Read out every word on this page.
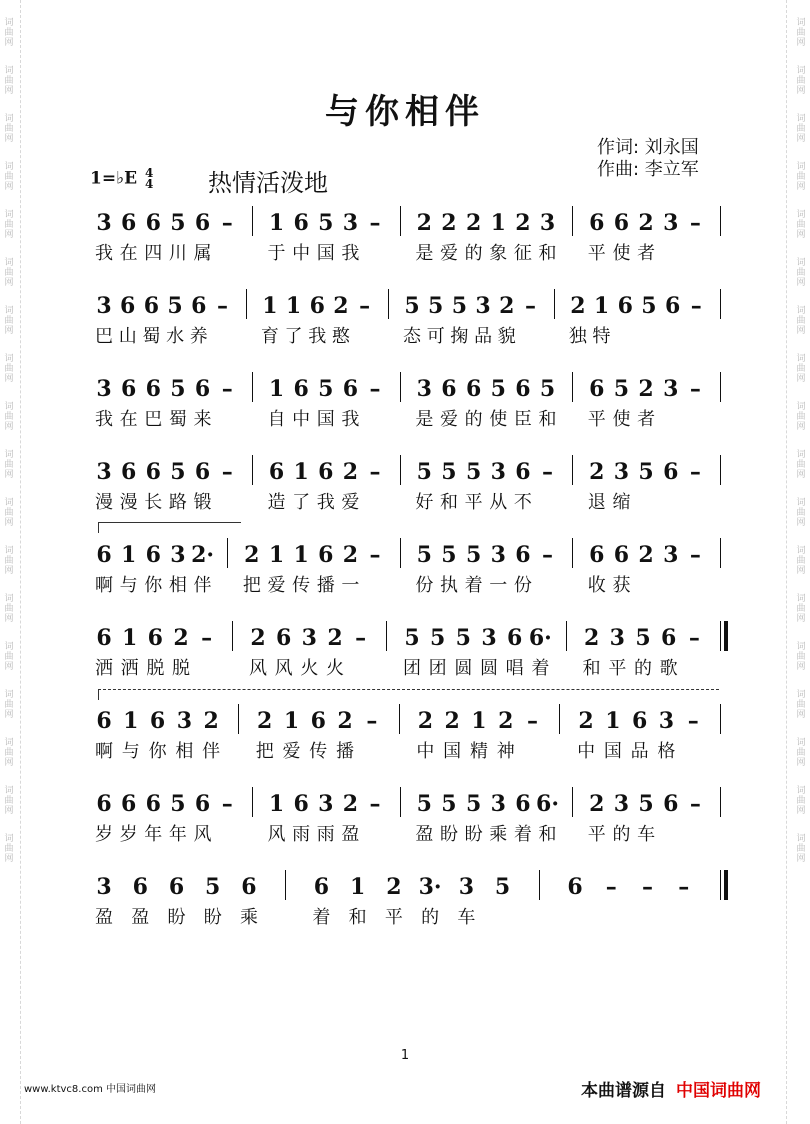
词
曲
网
词
曲
网
词
曲
网
词
曲
网
词
曲
网
词
曲
网
词
曲
网
词
曲
网
词
曲
网
词
曲
网
词
曲
网
词
曲
网
词
曲
网
词
曲
网
词
曲
网
词
曲
网
词
曲
网
词
曲
网
词
曲
网
词
曲
网
词
曲
网
词
曲
网
词
曲
网
词
曲
网
词
曲
网
词
曲
网
词
曲
网
词
曲
网
词
曲
网
词
曲
网
词
曲
网
词
曲
网
词
曲
网
词
曲
网
词
曲
网
词
曲
网
与你相伴
作词: 刘永国
作曲: 李立军
1=♭E 4
4 热情活泼地
3 6 6 5 6 – 1 6 5 3 – 2 2 2 1 2 3 6 6 2 3 –
我 在 四 川 属	于 中 国 我	是 爱 的 象 征 和 平 使 者
3 6 6 5 6 – 1 1 6 2 – 5 5 5 3 2 – 2 1 6 5 6 –
巴 山 蜀 水 养	育 了 我 憨	态 可 掬 品 貌	独 特
3 6 6 5 6 – 1 6 5 6 – 3 6 6 5 6 5 6 5 2 3 –
我 在 巴 蜀 来	自 中 国 我	是 爱 的 使 臣 和 平 使 者
3 6 6 5 6 – 6 1 6 2 – 5 5 5 3 6 – 2 3 5 6 –
漫 漫 长 路 锻	造 了 我 爱	好 和 平 从 不	退 缩
6 1 6 3 2· 2 1 1 6 2 – 5 5 5 3 6 – 6 6 2 3 –
啊 与 你 相 伴 把 爱 传 播 一	份 执 着 一 份	收 获
6 1 6 2 – 2 6 3 2 – 5 5 5 3 6 6· 2 3 5 6 –
洒 洒 脱 脱	风 风 火 火	团 团 圆 圆 唱 着 和 平 的 歌
6 1 6 3 2 2 1 6 2 – 2 2 1 2 – 2 1 6 3 –
啊 与 你 相 伴 把 爱 传 播	中 国 精 神	中 国 品 格
6 6 6 5 6 – 1 6 3 2 – 5 5 5 3 6 6· 2 3 5 6 –
岁 岁 年 年 风	风 雨 雨 盈	盈 盼 盼 乘 着 和 平 的 车
3 6 6 5 6	6 1 2 3· 3 5	6 – – –
盈 盈 盼 盼 乘	着 和 平 的 车
1
www.ktvc8.com 中国词曲网	本曲谱源自 中国词曲网
